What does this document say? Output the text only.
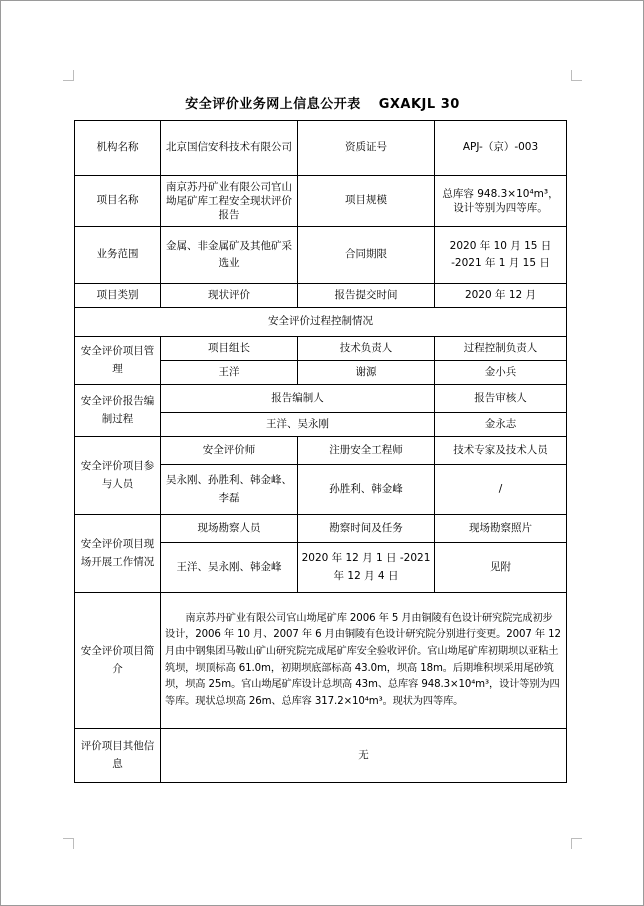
安全评价业务网上信息公开表 GXAKJL 30
机构名称	北京国信安科技术有限公司	资质证号	APJ-（京）-003
项目名称	南京苏丹矿业有限公司官山坳尾矿库工程安全现状评价报告	项目规模	总库容 948.3×10⁴m³，设计等别为四等库。
业务范围	金属、非金属矿及其他矿采选业	合同期限	2020 年 10 月 15 日 -2021 年 1 月 15 日
项目类别	现状评价	报告提交时间	2020 年 12 月
安全评价过程控制情况			
安全评价项目管理	项目组长	技术负责人	过程控制负责人
	王洋	谢源	金小兵
安全评价报告编制过程	报告编制人		报告审核人
	王洋、吴永刚		金永志
安全评价项目参与人员	安全评价师	注册安全工程师	技术专家及技术人员
	吴永刚、孙胜利、韩金峰、李磊	孙胜利、韩金峰	/
安全评价项目现场开展工作情况	现场勘察人员	勘察时间及任务	现场勘察照片
	王洋、吴永刚、韩金峰	2020 年 12 月 1 日 -2021 年 12 月 4 日	见附
安全评价项目简介	南京苏丹矿业有限公司官山坳尾矿库 2006 年 5 月由铜陵有色设计研究院完成初步设计，2006 年 10 月、2007 年 6 月由铜陵有色设计研究院分别进行变更。2007 年 12 月由中钢集团马鞍山矿山研究院完成尾矿库安全验收评价。官山坳尾矿库初期坝以亚粘土筑坝，坝顶标高 61.0m，初期坝底部标高 43.0m，坝高 18m。后期堆积坝采用尾砂筑坝，坝高 25m。官山坳尾矿库设计总坝高 43m、总库容 948.3×10⁴m³，设计等别为四等库。现状总坝高 26m、总库容 317.2×10⁴m³。现状为四等库。		
评价项目其他信息	无		
